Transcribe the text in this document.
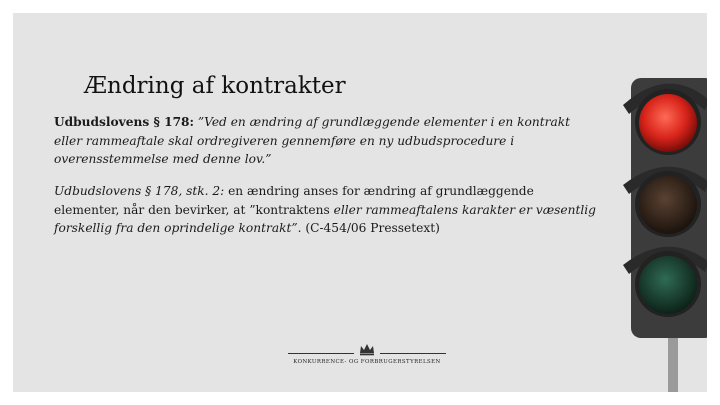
Ændring af kontrakter
Udbudslovens § 178: ”Ved en ændring af grundlæggende elementer i en kontrakt eller rammeaftale skal ordregiveren gennemføre en ny udbudsprocedure i overensstemmelse med denne lov.”
Udbudslovens § 178, stk. 2: en ændring anses for ændring af grundlæggende elementer, når den bevirker, at ”kontraktens eller rammeaftalens karakter er væsentlig forskellig fra den oprindelige kontrakt”. (C-454/06 Pressetext)
KONKURRENCE- OG FORBRUGERSTYRELSEN
